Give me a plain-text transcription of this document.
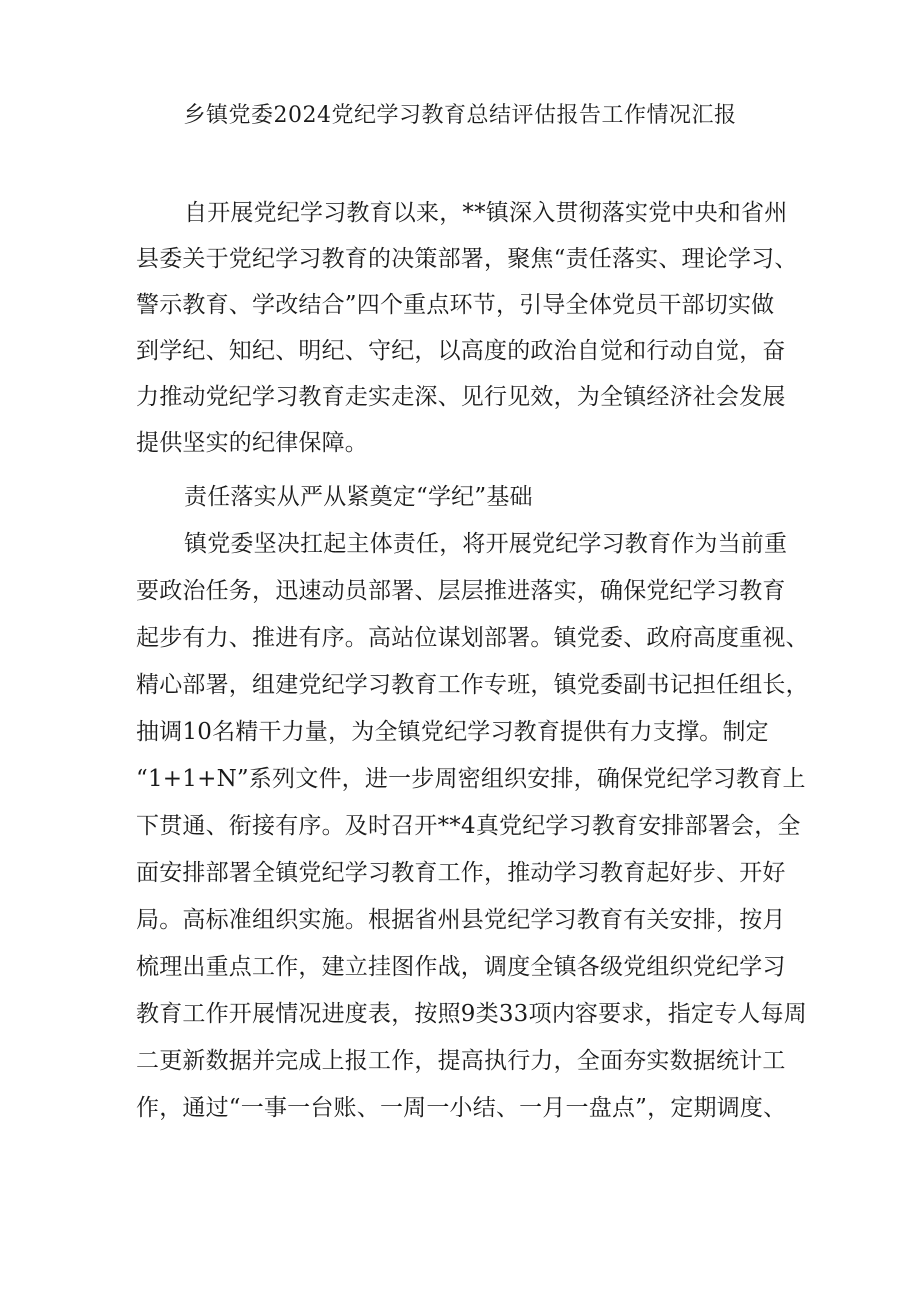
乡镇党委2024党纪学习教育总结评估报告工作情况汇报

自开展党纪学习教育以来，**镇深入贯彻落实党中央和省州

县委关于党纪学习教育的决策部署，聚焦“责任落实、理论学习、

警示教育、学改结合”四个重点环节，引导全体党员干部切实做

到学纪、知纪、明纪、守纪，以高度的政治自觉和行动自觉，奋

力推动党纪学习教育走实走深、见行见效，为全镇经济社会发展

提供坚实的纪律保障。

责任落实从严从紧奠定“学纪”基础

镇党委坚决扛起主体责任，将开展党纪学习教育作为当前重

要政治任务，迅速动员部署、层层推进落实，确保党纪学习教育

起步有力、推进有序。高站位谋划部署。镇党委、政府高度重视、

精心部署，组建党纪学习教育工作专班，镇党委副书记担任组长，

抽调10名精干力量，为全镇党纪学习教育提供有力支撑。制定

“1+1+N”系列文件，进一步周密组织安排，确保党纪学习教育上

下贯通、衔接有序。及时召开**4真党纪学习教育安排部署会，全

面安排部署全镇党纪学习教育工作，推动学习教育起好步、开好

局。高标准组织实施。根据省州县党纪学习教育有关安排，按月

梳理出重点工作，建立挂图作战，调度全镇各级党组织党纪学习

教育工作开展情况进度表，按照9类33项内容要求，指定专人每周

二更新数据并完成上报工作，提高执行力，全面夯实数据统计工

作，通过“一事一台账、一周一小结、一月一盘点”，定期调度、
